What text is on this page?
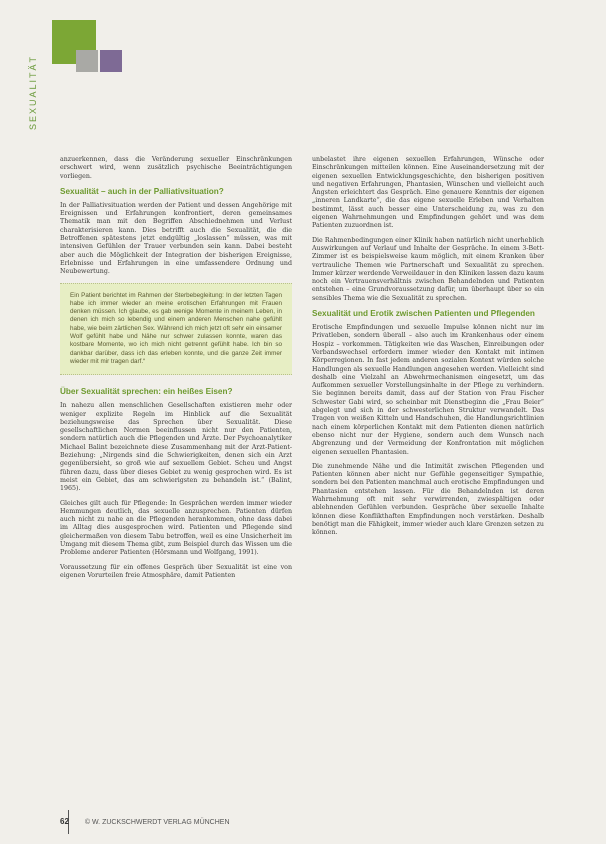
SEXUALITÄT

anzuerkennen, dass die Veränderung sexueller Einschränkungen erschwert wird, wenn zusätzlich psychische Beeinträchtigungen vorliegen.

Sexualität – auch in der Palliativsituation?

In der Palliativsituation werden der Patient und dessen Angehörige mit Ereignissen und Erfahrungen konfrontiert, deren gemeinsames Thematik man mit den Begriffen Abschiednehmen und Verlust charakterisieren kann. Dies betrifft auch die Sexualität, die die Betroffenen spätestens jetzt endgültig „loslassen“ müssen, was mit intensiven Gefühlen der Trauer verbunden sein kann. Dabei besteht aber auch die Möglichkeit der Integration der bisherigen Ereignisse, Erlebnisse und Erfahrungen in eine umfassendere Ordnung und Neubewertung.

Ein Patient berichtet im Rahmen der Sterbebegleitung: In der letzten Tagen habe ich immer wieder an meine erotischen Erfahrungen mit Frauen denken müssen. Ich glaube, es gab wenige Momente in meinem Leben, in denen ich mich so lebendig und einem anderen Menschen nahe gefühlt habe, wie beim zärtlichen Sex. Während ich mich jetzt oft sehr ein einsamer Wolf gefühlt habe und Nähe nur schwer zulassen konnte, waren das kostbare Momente, wo ich mich nicht getrennt gefühlt habe. Ich bin so dankbar darüber, dass ich das erleben konnte, und die ganze Zeit immer wieder mit mir tragen darf.“
Über Sexualität sprechen: ein heißes Eisen?

In nahezu allen menschlichen Gesellschaften existieren mehr oder weniger explizite Regeln im Hinblick auf die Sexualität beziehungsweise das Sprechen über Sexualität. Diese gesellschaftlichen Normen beeinflussen nicht nur den Patienten, sondern natürlich auch die Pflegenden und Ärzte. Der Psychoanalytiker Michael Balint bezeichnete diese Zusammenhang mit der Arzt-Patient-Beziehung: „Nirgends sind die Schwierigkeiten, denen sich ein Arzt gegenübersieht, so groß wie auf sexuellem Gebiet. Scheu und Angst führen dazu, dass über dieses Gebiet zu wenig gesprochen wird. Es ist meist ein Gebiet, das am schwierigsten zu behandeln ist.“ (Balint, 1965).

Gleiches gilt auch für Pflegende: In Gesprächen werden immer wieder Hemmungen deutlich, das sexuelle anzusprechen. Patienten dürfen auch nicht zu nahe an die Pflegenden herankommen, ohne dass dabei im Alltag dies ausgesprochen wird. Patienten und Pflegende sind gleichermaßen von diesem Tabu betroffen, weil es eine Unsicherheit im Umgang mit diesem Thema gibt, zum Beispiel durch das Wissen um die Probleme anderer Patienten (Hörsmann und Wolfgang, 1991).

Voraussetzung für ein offenes Gespräch über Sexualität ist eine von eigenen Vorurteilen freie Atmosphäre, damit Patienten

unbelastet ihre eigenen sexuellen Erfahrungen, Wünsche oder Einschränkungen mitteilen können. Eine Auseinandersetzung mit der eigenen sexuellen Entwicklungsgeschichte, den bisherigen positiven und negativen Erfahrungen, Phantasien, Wünschen und vielleicht auch Ängsten erleichtert das Gespräch. Eine genauere Kenntnis der eigenen „inneren Landkarte“, die das eigene sexuelle Erleben und Verhalten bestimmt, lässt auch besser eine Unterscheidung zu, was zu den eigenen Wahrnehmungen und Empfindungen gehört und was dem Patienten zuzuordnen ist.

Die Rahmenbedingungen einer Klinik haben natürlich nicht unerheblich Auswirkungen auf Verlauf und Inhalte der Gespräche. In einem 3-Bett-Zimmer ist es beispielsweise kaum möglich, mit einem Kranken über vertrauliche Themen wie Partnerschaft und Sexualität zu sprechen. Immer kürzer werdende Verweildauer in den Kliniken lassen dazu kaum noch ein Vertrauensverhältnis zwischen Behandelnden und Patienten entstehen – eine Grundvoraussetzung dafür, um überhaupt über so ein sensibles Thema wie die Sexualität zu sprechen.

Sexualität und Erotik zwischen Patienten und Pflegenden

Erotische Empfindungen und sexuelle Impulse können nicht nur im Privatleben, sondern überall – also auch im Krankenhaus oder einem Hospiz – vorkommen. Tätigkeiten wie das Waschen, Einreibungen oder Verbandswechsel erfordern immer wieder den Kontakt mit intimen Körperregionen. In fast jedem anderen sozialen Kontext würden solche Handlungen als sexuelle Handlungen angesehen werden. Vielleicht sind deshalb eine Vielzahl an Abwehrmechanismen eingesetzt, um das Aufkommen sexueller Vorstellungsinhalte in der Pflege zu verhindern. Sie beginnen bereits damit, dass auf der Station von Frau Fischer Schwester Gabi wird, so scheinbar mit Dienstbeginn die „Frau Beier“ abgelegt und sich in der schwesterlichen Struktur verwandelt. Das Tragen von weißen Kitteln und Handschuhen, die Handlungsrichtlinien nach einem körperlichen Kontakt mit dem Patienten dienen natürlich ebenso nicht nur der Hygiene, sondern auch dem Wunsch nach Abgrenzung und der Vermeidung der Konfrontation mit möglichen eigenen sexuellen Phantasien.

Die zunehmende Nähe und die Intimität zwischen Pflegenden und Patienten können aber nicht nur Gefühle gegenseitiger Sympathie, sondern bei den Patienten manchmal auch erotische Empfindungen und Phantasien entstehen lassen. Für die Behandelnden ist deren Wahrnehmung oft mit sehr verwirrenden, zwiespältigen oder ablehnenden Gefühlen verbunden. Gespräche über sexuelle Inhalte können diese Konflikthaften Empfindungen noch verstärken. Deshalb benötigt man die Fähigkeit, immer wieder auch klare Grenzen setzen zu können.

62 © W. ZUCKSCHWERDT VERLAG MÜNCHEN
